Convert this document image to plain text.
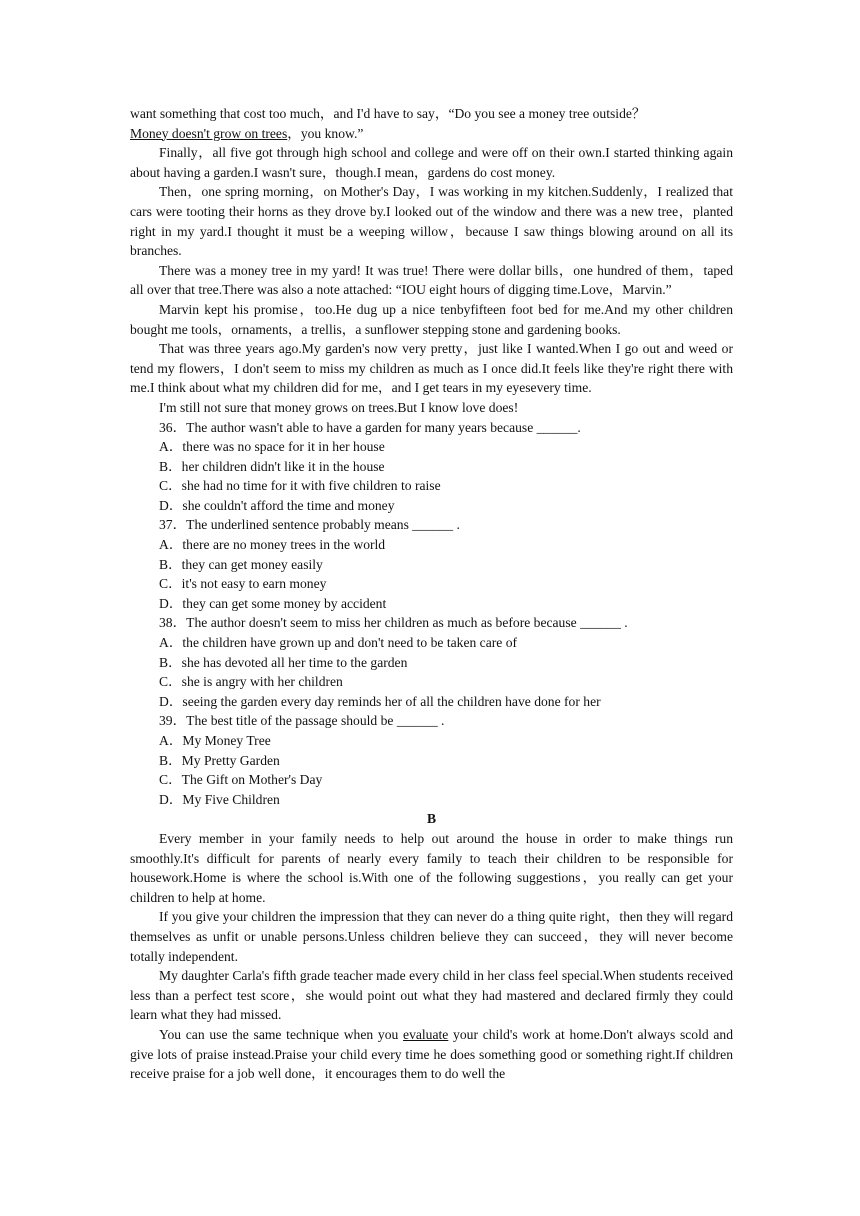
want something that cost too much，and I'd have to say，“Do you see a money tree outside？
Money doesn't grow on trees，you know.”

Finally，all five got through high school and college and were off on their own.I started thinking again about having a garden.I wasn't sure，though.I mean，gardens do cost money.

Then，one spring morning，on Mother's Day，I was working in my kitchen.Suddenly，I realized that cars were tooting their horns as they drove by.I looked out of the window and there was a new tree，planted right in my yard.I thought it must be a weeping willow，because I saw things blowing around on all its branches.

There was a money tree in my yard! It was true! There were dollar bills，one hundred of them，taped all over that tree.There was also a note attached: “IOU eight hours of digging time.Love，Marvin.”

Marvin kept his promise，too.He dug up a nice tenbyfifteen foot bed for me.And my other children bought me tools，ornaments，a trellis，a sunflower stepping stone and gardening books.

That was three years ago.My garden's now very pretty，just like I wanted.When I go out and weed or tend my flowers，I don't seem to miss my children as much as I once did.It feels like they're right there with me.I think about what my children did for me，and I get tears in my eyesevery time.

I'm still not sure that money grows on trees.But I know love does!

36．The author wasn't able to have a garden for many years because ______.

A．there was no space for it in her house

B．her children didn't like it in the house

C．she had no time for it with five children to raise

D．she couldn't afford the time and money

37．The underlined sentence probably means ______ .

A．there are no money trees in the world

B．they can get money easily

C．it's not easy to earn money

D．they can get some money by accident

38．The author doesn't seem to miss her children as much as before because ______ .

A．the children have grown up and don't need to be taken care of

B．she has devoted all her time to the garden

C．she is angry with her children

D．seeing the garden every day reminds her of all the children have done for her

39．The best title of the passage should be ______ .

A．My Money Tree

B．My Pretty Garden

C．The Gift on Mother's Day

D．My Five Children

B

Every member in your family needs to help out around the house in order to make things run smoothly.It's difficult for parents of nearly every family to teach their children to be responsible for housework.Home is where the school is.With one of the following suggestions，you really can get your children to help at home.

If you give your children the impression that they can never do a thing quite right，then they will regard themselves as unfit or unable persons.Unless children believe they can succeed，they will never become totally independent.

My daughter Carla's fifth grade teacher made every child in her class feel special.When students received less than a perfect test score，she would point out what they had mastered and declared firmly they could learn what they had missed.

You can use the same technique when you evaluate your child's work at home.Don't always scold and give lots of praise instead.Praise your child every time he does something good or something right.If children receive praise for a job well done，it encourages them to do well the
